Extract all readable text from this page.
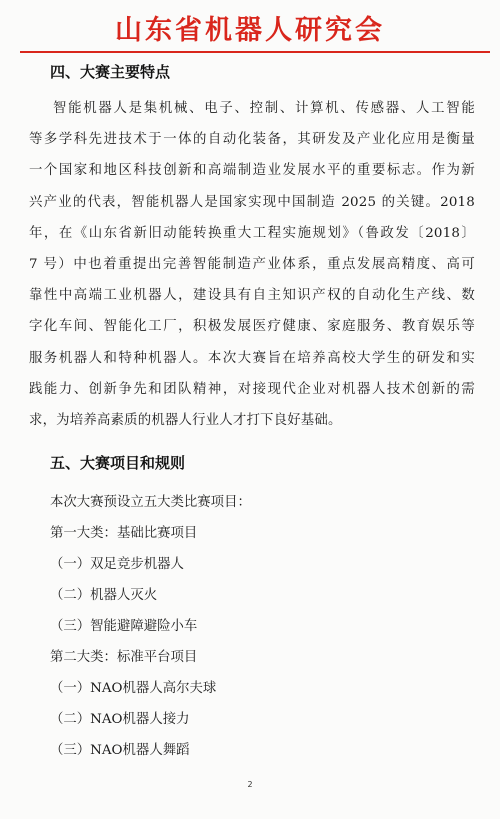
山东省机器人研究会
四、大赛主要特点
智能机器人是集机械、电子、控制、计算机、传感器、人工智能
等多学科先进技术于一体的自动化装备，其研发及产业化应用是衡量
一个国家和地区科技创新和高端制造业发展水平的重要标志。作为新
兴产业的代表，智能机器人是国家实现中国制造 2025 的关键。2018
年，在《山东省新旧动能转换重大工程实施规划》（鲁政发〔2018〕
7 号）中也着重提出完善智能制造产业体系，重点发展高精度、高可
靠性中高端工业机器人，建设具有自主知识产权的自动化生产线、数
字化车间、智能化工厂，积极发展医疗健康、家庭服务、教育娱乐等
服务机器人和特种机器人。本次大赛旨在培养高校大学生的研发和实
践能力、创新争先和团队精神，对接现代企业对机器人技术创新的需
求，为培养高素质的机器人行业人才打下良好基础。
五、大赛项目和规则
本次大赛预设立五大类比赛项目：
第一大类：基础比赛项目
（一）双足竞步机器人
（二）机器人灭火
（三）智能避障避险小车
第二大类：标准平台项目
（一）NAO机器人高尔夫球
（二）NAO机器人接力
（三）NAO机器人舞蹈
2
